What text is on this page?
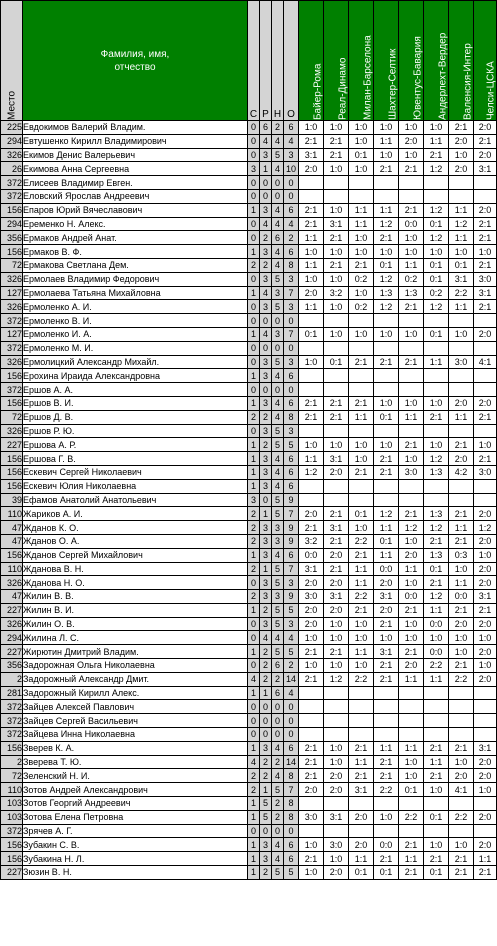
Место	Фамилия, имя, отчество	С	Р	Н	О	Байер-Рома	Реал-Динамо	Милан-Барселона	Шахтер-Селтик	Ювентус-Бавария	Андерлехт-Вердер	Валенсия-Интер	Челси-ЦСКА
225	Евдокимов Валерий Владим.	0	6	2	6	1:0	1:0	1:0	1:0	1:0	1:0	2:1	2:0
294	Евтушенко Кирилл Владимирович	0	4	4	4	2:1	2:1	1:0	1:1	2:0	1:1	2:0	2:1
326	Екимов Денис Валерьевич	0	3	5	3	3:1	2:1	0:1	1:0	1:0	2:1	1:0	2:0
26	Екимова Анна Сергеевна	3	1	4	10	2:0	1:0	1:0	2:1	2:1	1:2	2:0	3:1
372	Елисеев Владимир Евген.	0	0	0	0								
372	Еловский Ярослав Андреевич	0	0	0	0								
156	Епаров Юрий Вячеславович	1	3	4	6	2:1	1:0	1:1	1:1	2:1	1:2	1:1	2:0
294	Еременко Н. Алекс.	0	4	4	4	2:1	3:1	1:1	1:2	0:0	0:1	1:2	2:1
356	Ермаков Андрей Анат.	0	2	6	2	1:1	2:1	1:0	2:1	1:0	1:2	1:1	2:1
156	Ермаков В. Ф.	1	3	4	6	1:0	1:0	1:0	1:0	1:0	1:0	1:0	1:0
72	Ермакова Светлана Дем.	2	2	4	8	1:1	2:1	2:1	0:1	1:1	0:1	0:1	2:1
326	Ермолаев Владимир Федорович	0	3	5	3	1:0	1:0	0:2	1:2	0:2	0:1	3:1	3:0
127	Ермолаева Татьяна Михайловна	1	4	3	7	2:0	3:2	1:0	1:3	1:3	0:2	2:2	3:1
326	Ермоленко А. И.	0	3	5	3	1:1	1:0	0:2	1:2	2:1	1:2	1:1	2:1
372	Ермоленко В. И.	0	0	0	0								
127	Ермоленко И. А.	1	4	3	7	0:1	1:0	1:0	1:0	1:0	0:1	1:0	2:0
372	Ермоленко М. И.	0	0	0	0								
326	Ермолицкий Александр Михайл.	0	3	5	3	1:0	0:1	2:1	2:1	2:1	1:1	3:0	4:1
156	Ерохина Ираида Александровна	1	3	4	6								
372	Ершов А. А.	0	0	0	0								
156	Ершов В. И.	1	3	4	6	2:1	2:1	2:1	1:0	1:0	1:0	2:0	2:0
72	Ершов Д. В.	2	2	4	8	2:1	2:1	1:1	0:1	1:1	2:1	1:1	2:1
326	Ершов Р. Ю.	0	3	5	3								
227	Ершова А. Р.	1	2	5	5	1:0	1:0	1:0	1:0	2:1	1:0	2:1	1:0
156	Ершова Г. В.	1	3	4	6	1:1	3:1	1:0	2:1	1:0	1:2	2:0	2:1
156	Ескевич Сергей Николаевич	1	3	4	6	1:2	2:0	2:1	2:1	3:0	1:3	4:2	3:0
156	Ескевич Юлия Николаевна	1	3	4	6								
39	Ефамов Анатолий Анатольевич	3	0	5	9								
110	Жариков А. И.	2	1	5	7	2:0	2:1	0:1	1:2	2:1	1:3	2:1	2:0
47	Жданов К. О.	2	3	3	9	2:1	3:1	1:0	1:1	1:2	1:2	1:1	1:2
47	Жданов О. А.	2	3	3	9	3:2	2:1	2:2	0:1	1:0	2:1	2:1	2:0
156	Жданов Сергей Михайлович	1	3	4	6	0:0	2:0	2:1	1:1	2:0	1:3	0:3	1:0
110	Жданова В. Н.	2	1	5	7	3:1	2:1	1:1	0:0	1:1	0:1	1:0	2:0
326	Жданова Н. О.	0	3	5	3	2:0	2:0	1:1	2:0	1:0	2:1	1:1	2:0
47	Жилин В. В.	2	3	3	9	3:0	3:1	2:2	3:1	0:0	1:2	0:0	3:1
227	Жилин В. И.	1	2	5	5	2:0	2:0	2:1	2:0	2:1	1:1	2:1	2:1
326	Жилин О. В.	0	3	5	3	2:0	1:0	1:0	2:1	1:0	0:0	2:0	2:0
294	Жилина Л. С.	0	4	4	4	1:0	1:0	1:0	1:0	1:0	1:0	1:0	1:0
227	Жирютин Дмитрий Владим.	1	2	5	5	2:1	2:1	1:1	3:1	2:1	0:0	1:0	2:0
356	Задорожная Ольга Николаевна	0	2	6	2	1:0	1:0	1:0	2:1	2:0	2:2	2:1	1:0
2	Задорожный Александр Дмит.	4	2	2	14	2:1	1:2	2:2	2:1	1:1	1:1	2:2	2:0
281	Задорожный Кирилл Алекс.	1	1	6	4								
372	Зайцев Алексей Павлович	0	0	0	0								
372	Зайцев Сергей Васильевич	0	0	0	0								
372	Зайцева Инна Николаевна	0	0	0	0								
156	Зверев К. А.	1	3	4	6	2:1	1:0	2:1	1:1	1:1	2:1	2:1	3:1
2	Зверева Т. Ю.	4	2	2	14	2:1	1:0	1:1	2:1	1:0	1:1	1:0	2:0
72	Зеленский Н. И.	2	2	4	8	2:1	2:0	2:1	2:1	1:0	2:1	2:0	2:0
110	Зотов Андрей Александрович	2	1	5	7	2:0	2:0	3:1	2:2	0:1	1:0	4:1	1:0
103	Зотов Георгий Андреевич	1	5	2	8								
103	Зотова Елена Петровна	1	5	2	8	3:0	3:1	2:0	1:0	2:2	0:1	2:2	2:0
372	Зрячев А. Г.	0	0	0	0								
156	Зубакин С. В.	1	3	4	6	1:0	3:0	2:0	0:0	2:1	1:0	1:0	2:0
156	Зубакина Н. Л.	1	3	4	6	2:1	1:0	1:1	2:1	1:1	2:1	2:1	1:1
227	Зюзин В. Н.	1	2	5	5	1:0	2:0	0:1	0:1	2:1	0:1	2:1	2:1
